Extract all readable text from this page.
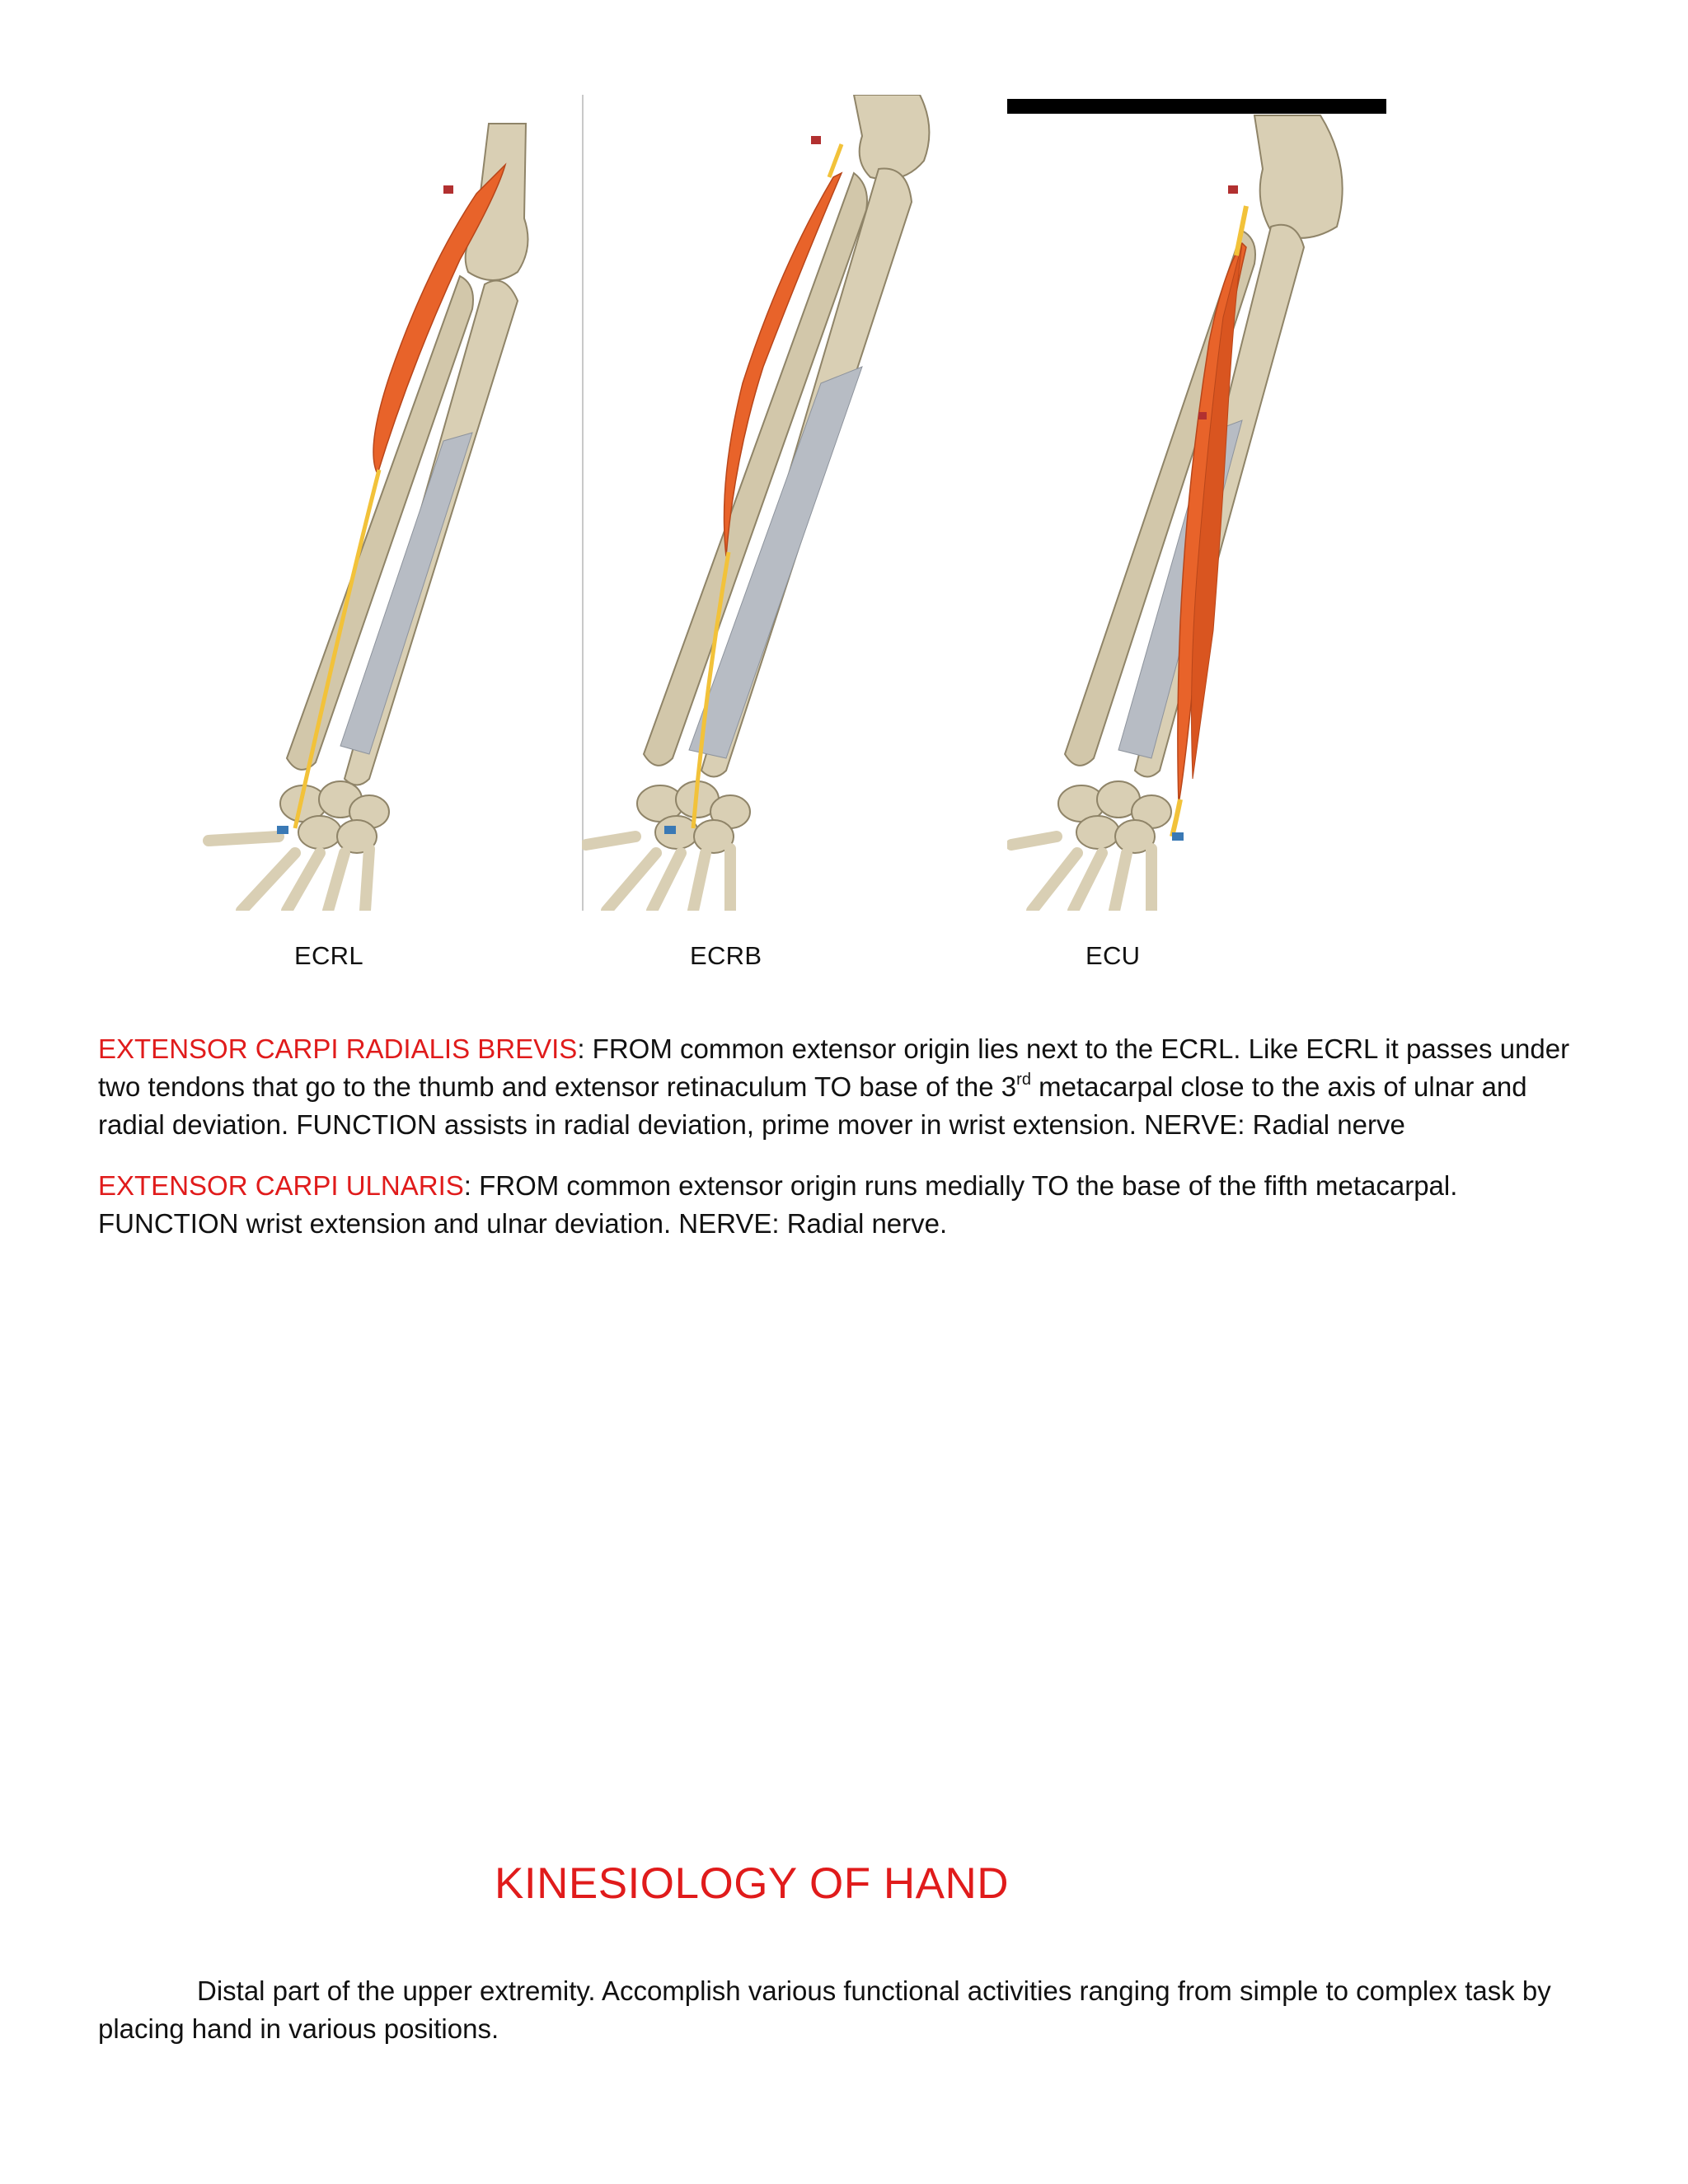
ECRL	ECRB	ECU

EXTENSOR CARPI RADIALIS BREVIS: FROM common extensor origin lies next to the ECRL. Like ECRL it passes under two tendons that go to the thumb and extensor retinaculum TO base of the 3rd metacarpal close to the axis of ulnar and radial deviation. FUNCTION assists in radial deviation, prime mover in wrist extension. NERVE: Radial nerve

EXTENSOR CARPI ULNARIS: FROM common extensor origin runs medially TO the base of the fifth metacarpal. FUNCTION wrist extension and ulnar deviation. NERVE: Radial nerve.

KINESIOLOGY OF HAND

Distal part of the upper extremity. Accomplish various functional activities ranging from simple to complex task by placing hand in various positions.
